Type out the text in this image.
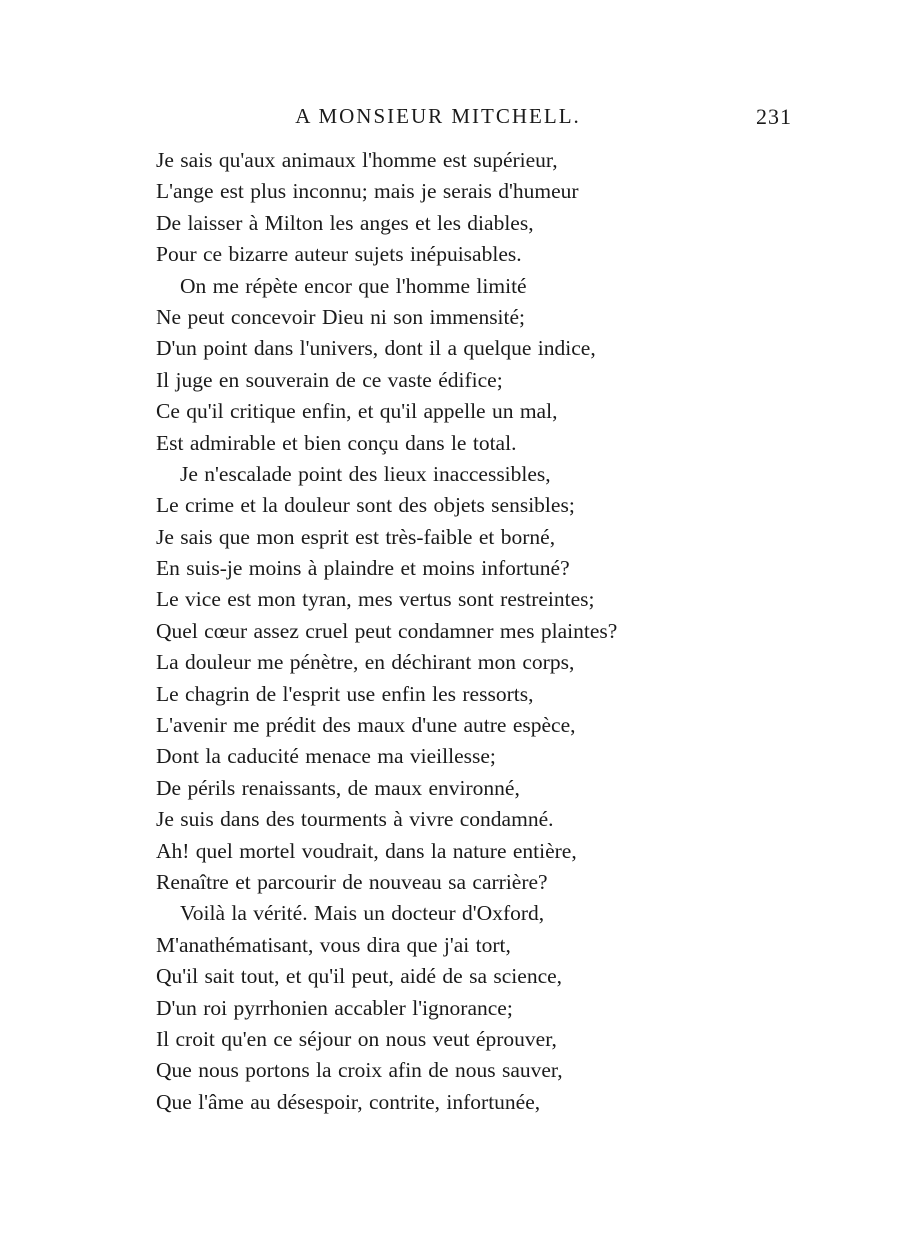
A MONSIEUR MITCHELL.	231
Je sais qu'aux animaux l'homme est supérieur,
L'ange est plus inconnu; mais je serais d'humeur
De laisser à Milton les anges et les diables,
Pour ce bizarre auteur sujets inépuisables.
On me répète encor que l'homme limité
Ne peut concevoir Dieu ni son immensité;
D'un point dans l'univers, dont il a quelque indice,
Il juge en souverain de ce vaste édifice;
Ce qu'il critique enfin, et qu'il appelle un mal,
Est admirable et bien conçu dans le total.
Je n'escalade point des lieux inaccessibles,
Le crime et la douleur sont des objets sensibles;
Je sais que mon esprit est très-faible et borné,
En suis-je moins à plaindre et moins infortuné?
Le vice est mon tyran, mes vertus sont restreintes;
Quel cœur assez cruel peut condamner mes plaintes?
La douleur me pénètre, en déchirant mon corps,
Le chagrin de l'esprit use enfin les ressorts,
L'avenir me prédit des maux d'une autre espèce,
Dont la caducité menace ma vieillesse;
De périls renaissants, de maux environné,
Je suis dans des tourments à vivre condamné.
Ah! quel mortel voudrait, dans la nature entière,
Renaître et parcourir de nouveau sa carrière?
Voilà la vérité. Mais un docteur d'Oxford,
M'anathématisant, vous dira que j'ai tort,
Qu'il sait tout, et qu'il peut, aidé de sa science,
D'un roi pyrrhonien accabler l'ignorance;
Il croit qu'en ce séjour on nous veut éprouver,
Que nous portons la croix afin de nous sauver,
Que l'âme au désespoir, contrite, infortunée,
